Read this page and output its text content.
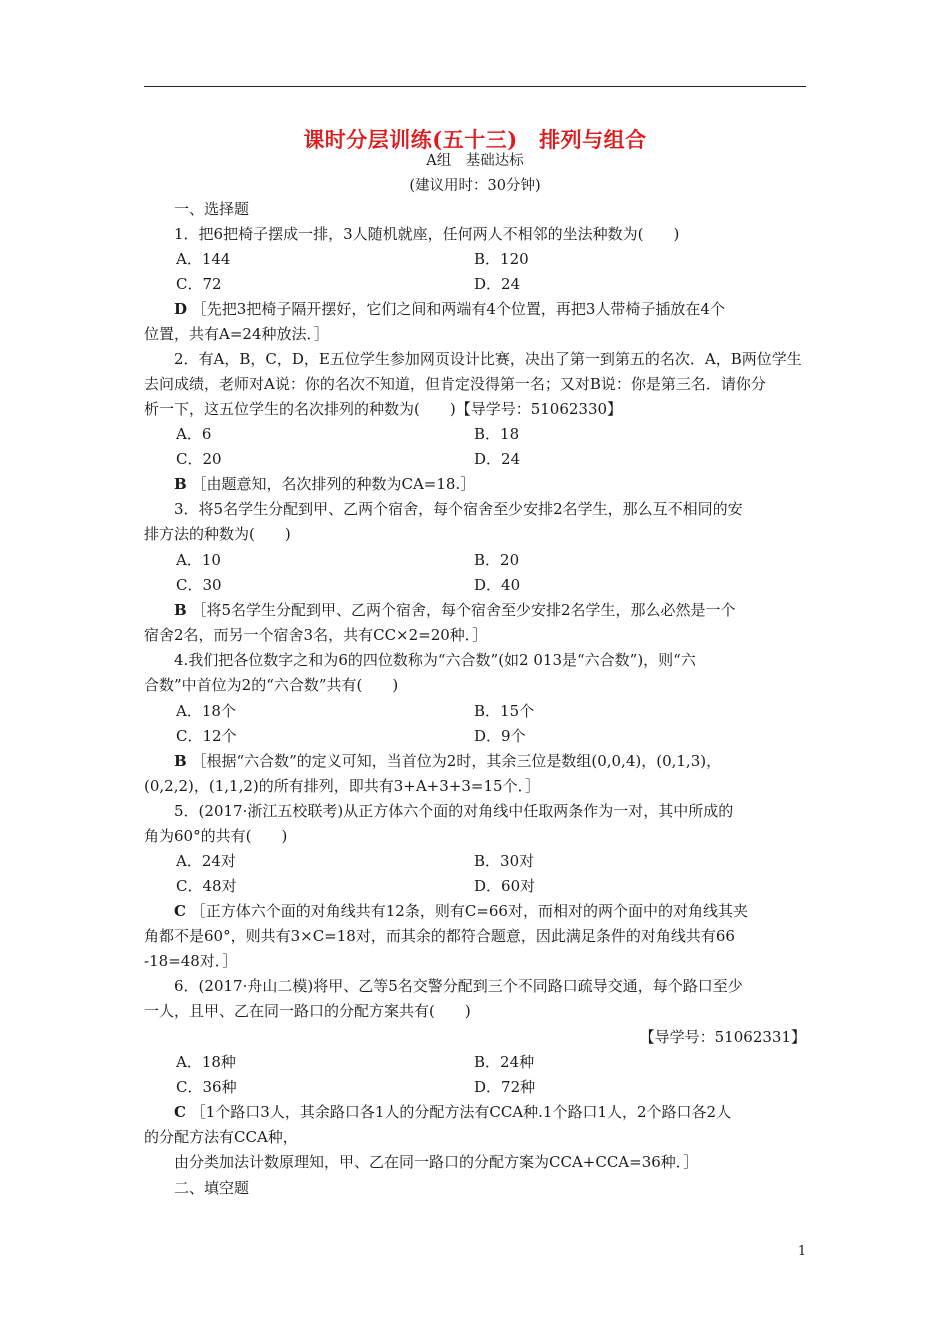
课时分层训练(五十三)　排列与组合
A组　基础达标
(建议用时：30分钟)
一、选择题
1．把6把椅子摆成一排，3人随机就座，任何两人不相邻的坐法种数为(　　)
A．144	B．120
C．72	D．24
D ［先把3把椅子隔开摆好，它们之间和两端有4个位置，再把3人带椅子插放在4个
位置，共有A=24种放法．］
2．有A，B，C，D，E五位学生参加网页设计比赛，决出了第一到第五的名次．A，B两位学生
去问成绩，老师对A说：你的名次不知道，但肯定没得第一名；又对B说：你是第三名．请你分
析一下，这五位学生的名次排列的种数为(　　)【导学号：51062330】
A．6	B．18
C．20	D．24
B ［由题意知，名次排列的种数为CA=18.］
3．将5名学生分配到甲、乙两个宿舍，每个宿舍至少安排2名学生，那么互不相同的安
排方法的种数为(　　)
A．10	B．20
C．30	D．40
B ［将5名学生分配到甲、乙两个宿舍，每个宿舍至少安排2名学生，那么必然是一个
宿舍2名，而另一个宿舍3名，共有CC×2=20种．］
4.我们把各位数字之和为6的四位数称为“六合数”(如2 013是“六合数”)，则“六
合数”中首位为2的“六合数”共有(　　)
A．18个	B．15个
C．12个	D．9个
B ［根据“六合数”的定义可知，当首位为2时，其余三位是数组(0,0,4)，(0,1,3)，
(0,2,2)，(1,1,2)的所有排列，即共有3+A+3+3=15个．］
5．(2017·浙江五校联考)从正方体六个面的对角线中任取两条作为一对，其中所成的
角为60°的共有(　　)
A．24对	B．30对
C．48对	D．60对
C ［正方体六个面的对角线共有12条，则有C=66对，而相对的两个面中的对角线其夹
角都不是60°，则共有3×C=18对，而其余的都符合题意，因此满足条件的对角线共有66
-18=48对．］
6．(2017·舟山二模)将甲、乙等5名交警分配到三个不同路口疏导交通，每个路口至少
一人，且甲、乙在同一路口的分配方案共有(　　)
【导学号：51062331】
A．18种	B．24种
C．36种	D．72种
C ［1个路口3人，其余路口各1人的分配方法有CCA种.1个路口1人，2个路口各2人
的分配方法有CCA种，
由分类加法计数原理知，甲、乙在同一路口的分配方案为CCA+CCA=36种．］
二、填空题
1
